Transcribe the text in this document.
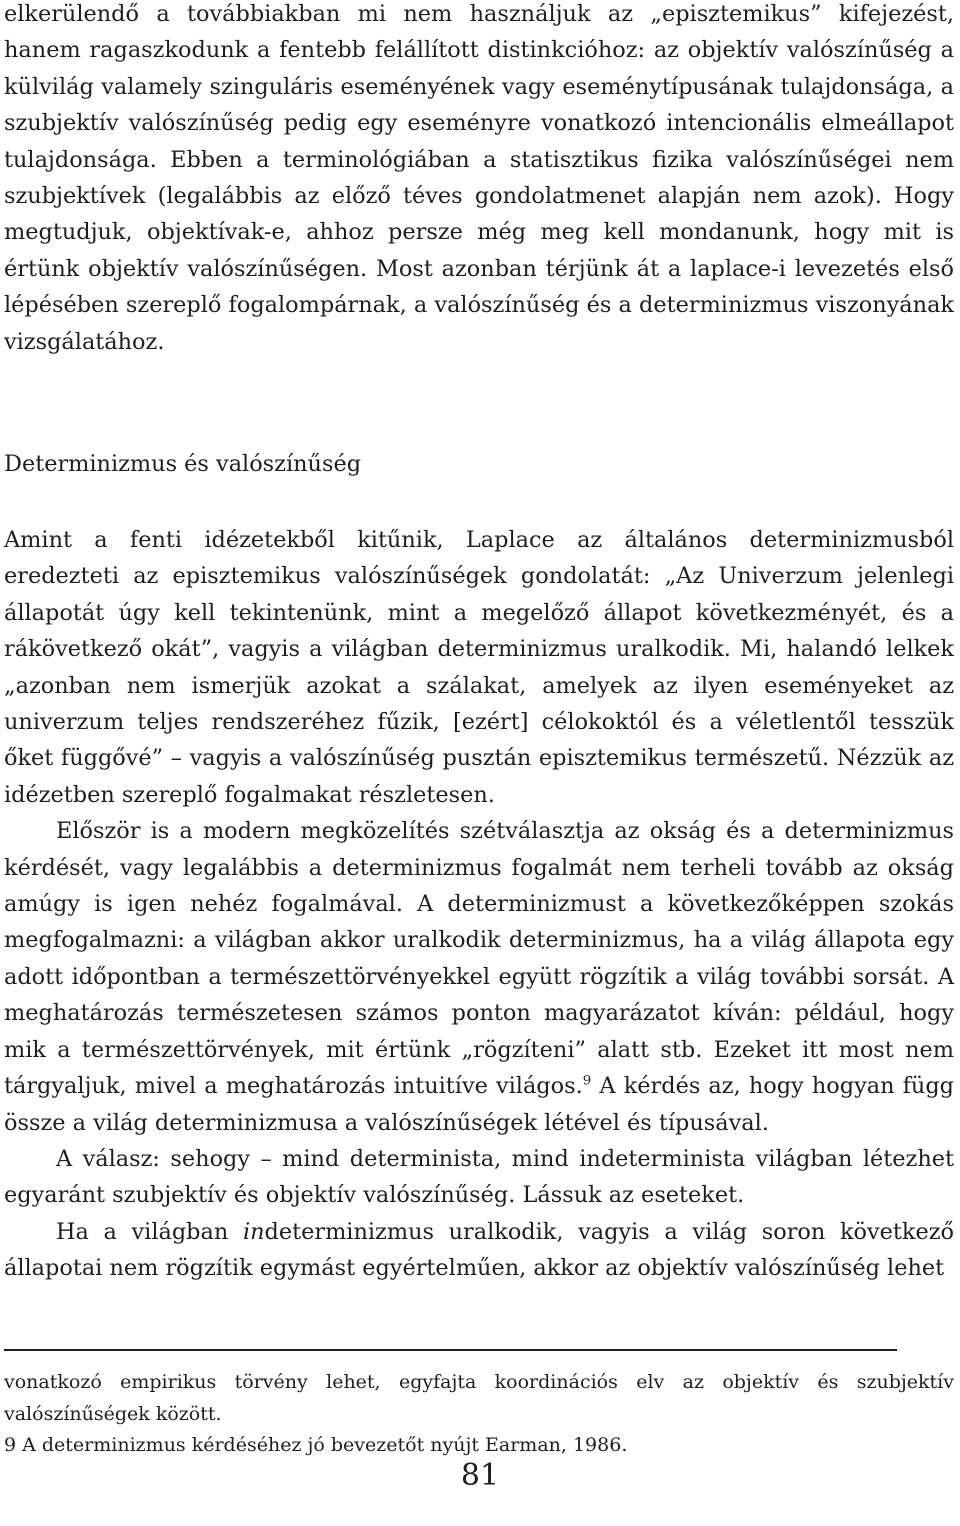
elkerülendő a továbbiakban mi nem használjuk az „episztemikus” kifejezést, hanem ragaszkodunk a fentebb felállított distinkcióhoz: az objektív valószínűség a külvilág valamely szinguláris eseményének vagy eseménytípusának tulajdonsága, a szubjektív valószínűség pedig egy eseményre vonatkozó intencionális elmeállapot tulajdonsága. Ebben a terminológiában a statisztikus fizika valószínűségei nem szubjektívek (legalábbis az előző téves gondolatmenet alapján nem azok). Hogy megtudjuk, objektívak-e, ahhoz persze még meg kell mondanunk, hogy mit is értünk objektív valószínűségen. Most azonban térjünk át a laplace-i levezetés első lépésében szereplő fogalompárnak, a valószínűség és a determinizmus viszonyának vizsgálatához.

Determinizmus és valószínűség

Amint a fenti idézetekből kitűnik, Laplace az általános determinizmusból eredezteti az episztemikus valószínűségek gondolatát: „Az Univerzum jelenlegi állapotát úgy kell tekintenünk, mint a megelőző állapot következményét, és a rákövetkező okát”, vagyis a világban determinizmus uralkodik. Mi, halandó lelkek „azonban nem ismerjük azokat a szálakat, amelyek az ilyen eseményeket az univerzum teljes rendszeréhez fűzik, [ezért] célokoktól és a véletlentől tesszük őket függővé” – vagyis a valószínűség pusztán episztemikus természetű. Nézzük az idézetben szereplő fogalmakat részletesen.

Először is a modern megközelítés szétválasztja az okság és a determinizmus kérdését, vagy legalábbis a determinizmus fogalmát nem terheli tovább az okság amúgy is igen nehéz fogalmával. A determinizmust a következőképpen szokás megfogalmazni: a világban akkor uralkodik determinizmus, ha a világ állapota egy adott időpontban a természettörvényekkel együtt rögzítik a világ további sorsát. A meghatározás természetesen számos ponton magyarázatot kíván: például, hogy mik a természettörvények, mit értünk „rögzíteni” alatt stb. Ezeket itt most nem tárgyaljuk, mivel a meghatározás intuitíve világos.$^9$ A kérdés az, hogy hogyan függ össze a világ determinizmusa a valószínűségek létével és típusával.

A válasz: sehogy – mind determinista, mind indeterminista világban létezhet egyaránt szubjektív és objektív valószínűség. Lássuk az eseteket.

Ha a világban indeterminizmus uralkodik, vagyis a világ soron következő állapotai nem rögzítik egymást egyértelműen, akkor az objektív valószínűség lehet

vonatkozó empirikus törvény lehet, egyfajta koordinációs elv az objektív és szubjektív valószínűségek között.

9 A determinizmus kérdéséhez jó bevezetőt nyújt Earman, 1986.

81
